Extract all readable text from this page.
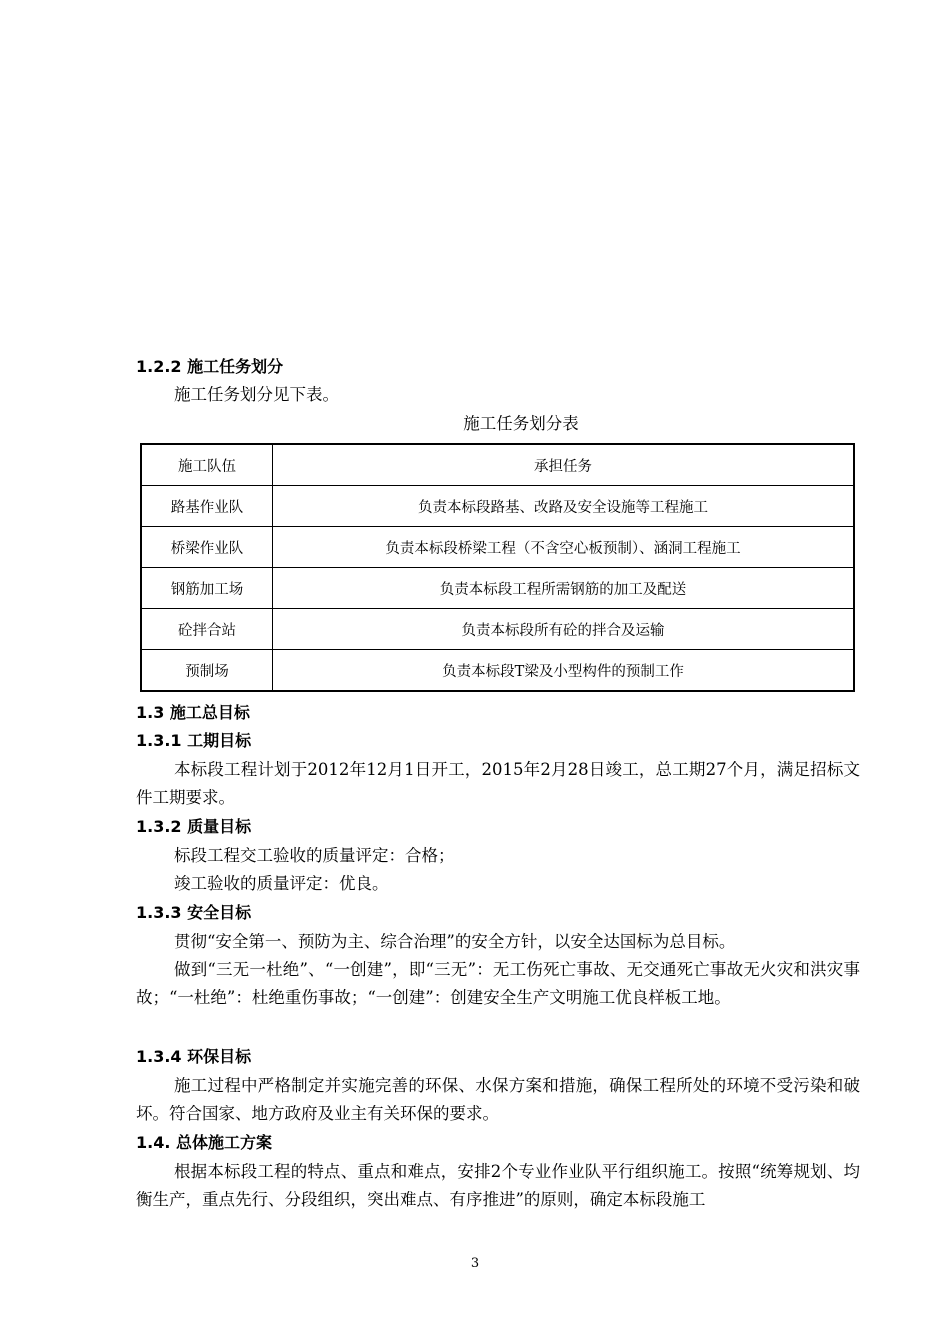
1.2.2 施工任务划分
施工任务划分见下表。
施工任务划分表
施工队伍	承担任务
路基作业队	负责本标段路基、改路及安全设施等工程施工
桥梁作业队	负责本标段桥梁工程（不含空心板预制）、涵洞工程施工
钢筋加工场	负责本标段工程所需钢筋的加工及配送
砼拌合站	负责本标段所有砼的拌合及运输
预制场	负责本标段T梁及小型构件的预制工作
1.3 施工总目标
1.3.1 工期目标
本标段工程计划于2012年12月1日开工，2015年2月28日竣工，总工期27个月，满足招标文件工期要求。
1.3.2 质量目标
标段工程交工验收的质量评定：合格；
竣工验收的质量评定：优良。
1.3.3 安全目标
贯彻“安全第一、预防为主、综合治理”的安全方针，以安全达国标为总目标。
做到“三无一杜绝”、“一创建”，即“三无”：无工伤死亡事故、无交通死亡事故无火灾和洪灾事故；“一杜绝”：杜绝重伤事故；“一创建”：创建安全生产文明施工优良样板工地。
1.3.4 环保目标
施工过程中严格制定并实施完善的环保、水保方案和措施，确保工程所处的环境不受污染和破坏。符合国家、地方政府及业主有关环保的要求。
1.4. 总体施工方案
根据本标段工程的特点、重点和难点，安排2个专业作业队平行组织施工。按照“统筹规划、均衡生产，重点先行、分段组织，突出难点、有序推进”的原则，确定本标段施工
3
